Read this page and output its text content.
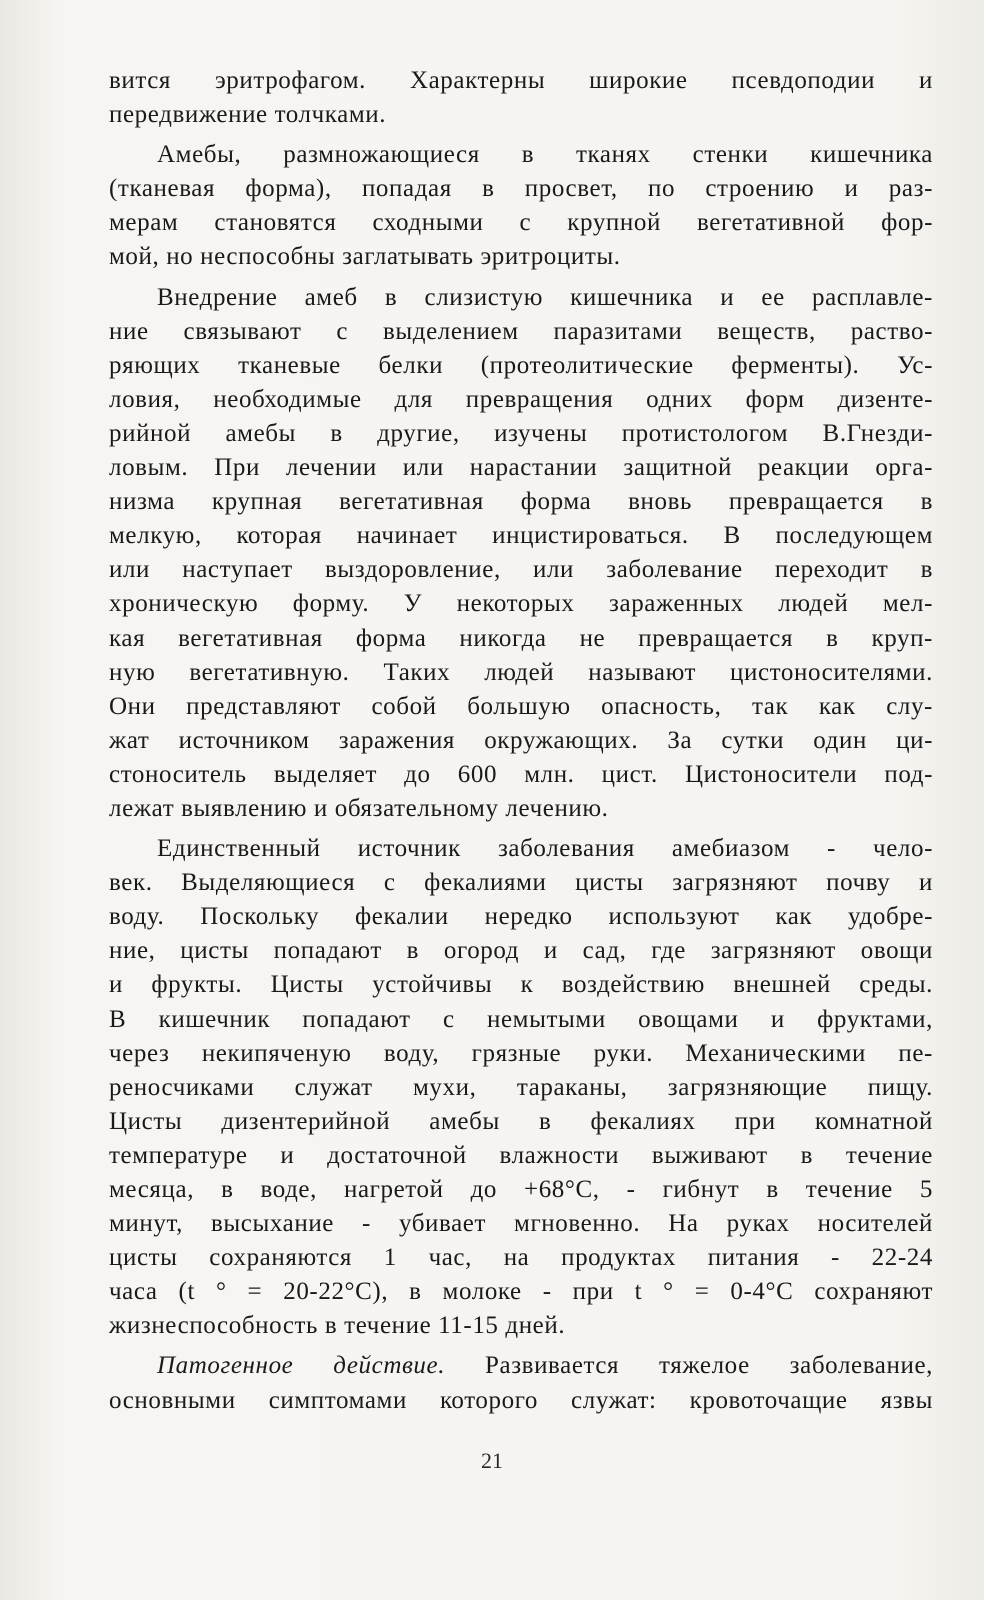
вится эритрофагом. Характерны широкие псевдоподии и
передвижение толчками.
Амебы, размножающиеся в тканях стенки кишечника
(тканевая форма), попадая в просвет, по строению и раз-
мерам становятся сходными с крупной вегетативной фор-
мой, но неспособны заглатывать эритроциты.
Внедрение амеб в слизистую кишечника и ее расплавле-
ние связывают с выделением паразитами веществ, раство-
ряющих тканевые белки (протеолитические ферменты). Ус-
ловия, необходимые для превращения одних форм дизенте-
рийной амебы в другие, изучены протистологом В.Гнезди-
ловым. При лечении или нарастании защитной реакции орга-
низма крупная вегетативная форма вновь превращается в
мелкую, которая начинает инцистироваться. В последующем
или наступает выздоровление, или заболевание переходит в
хроническую форму. У некоторых зараженных людей мел-
кая вегетативная форма никогда не превращается в круп-
ную вегетативную. Таких людей называют цистоносителями.
Они представляют собой большую опасность, так как слу-
жат источником заражения окружающих. За сутки один ци-
стоноситель выделяет до 600 млн. цист. Цистоносители под-
лежат выявлению и обязательному лечению.
Единственный источник заболевания амебиазом - чело-
век. Выделяющиеся с фекалиями цисты загрязняют почву и
воду. Поскольку фекалии нередко используют как удобре-
ние, цисты попадают в огород и сад, где загрязняют овощи
и фрукты. Цисты устойчивы к воздействию внешней среды.
В кишечник попадают с немытыми овощами и фруктами,
через некипяченую воду, грязные руки. Механическими пе-
реносчиками служат мухи, тараканы, загрязняющие пищу.
Цисты дизентерийной амебы в фекалиях при комнатной
температуре и достаточной влажности выживают в течение
месяца, в воде, нагретой до +68°С, - гибнут в течение 5
минут, высыхание - убивает мгновенно. На руках носителей
цисты сохраняются 1 час, на продуктах питания - 22-24
часа (t ° = 20-22°С), в молоке - при t ° = 0-4°С сохраняют
жизнеспособность в течение 11-15 дней.
Патогенное действие. Развивается тяжелое заболевание,
основными симптомами которого служат: кровоточащие язвы
21
